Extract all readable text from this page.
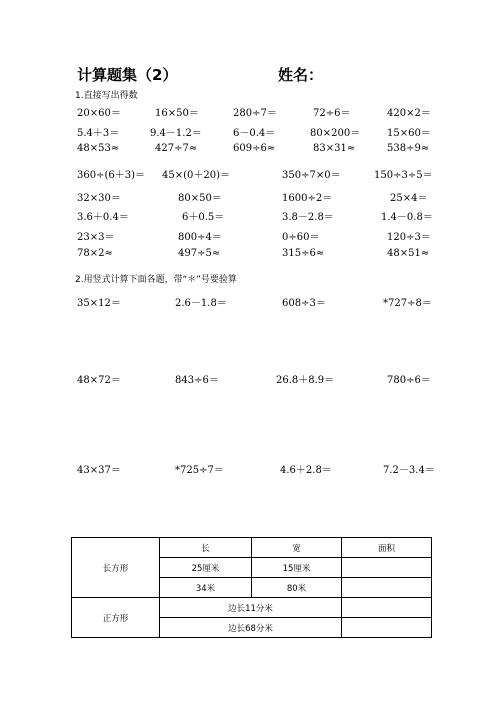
计算题集（2）	姓名：
1.直接写出得数
20×60＝	16×50＝	280÷7＝	72÷6＝	420×2＝
5.4＋3＝	9.4－1.2＝	6－0.4＝	80×200＝	15×60＝
48×53≈	427÷7≈	609÷6≈	83×31≈	538÷9≈
360÷(6＋3)＝ 45×(0＋20)＝	350÷7×0＝	150÷3÷5＝
32×30＝	80×50＝	1600÷2＝	25×4＝
3.6＋0.4＝	6＋0.5＝	3.8－2.8＝	1.4－0.8＝
23×3＝	800÷4＝	0÷60＝	120÷3＝
78×2≈	497÷5≈	315÷6≈	48×51≈
2.用竖式计算下面各题，带“＊”号要验算
35×12＝	2.6－1.8＝	608÷3＝	*727÷8＝
48×72＝	843÷6＝	26.8＋8.9＝	780÷6＝
43×37＝	*725÷7＝	4.6＋2.8＝	7.2－3.4＝
长方形	长	宽	面积
	25厘米	15厘米	
	34米	80米	
正方形	边长11分米		
	边长68分米		
